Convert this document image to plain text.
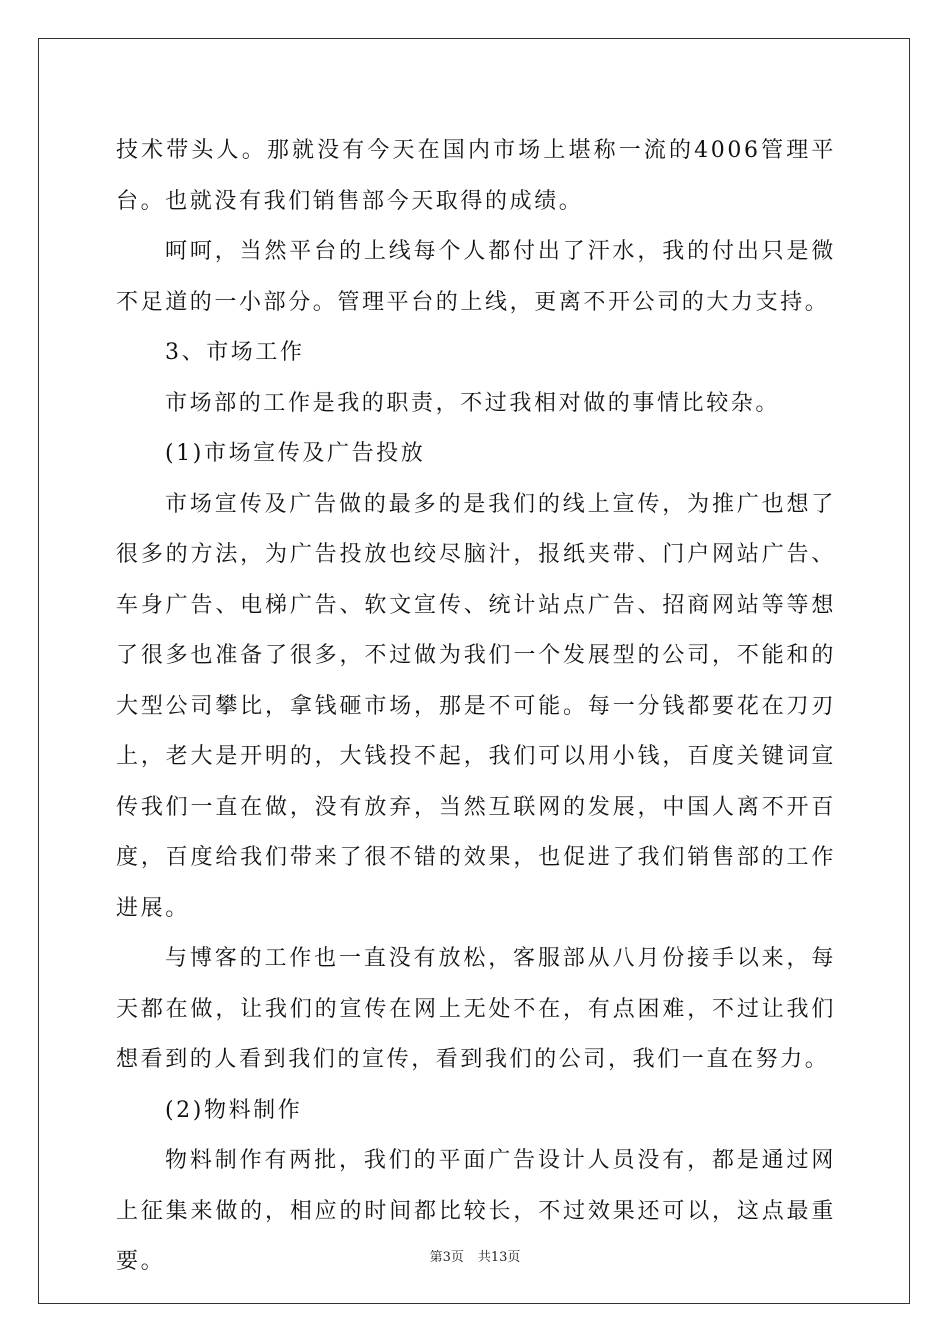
技术带头人。那就没有今天在国内市场上堪称一流的4006管理平台。也就没有我们销售部今天取得的成绩。

呵呵，当然平台的上线每个人都付出了汗水，我的付出只是微不足道的一小部分。管理平台的上线，更离不开公司的大力支持。

3、市场工作

市场部的工作是我的职责，不过我相对做的事情比较杂。

(1)市场宣传及广告投放

市场宣传及广告做的最多的是我们的线上宣传，为推广也想了很多的方法，为广告投放也绞尽脑汁，报纸夹带、门户网站广告、车身广告、电梯广告、软文宣传、统计站点广告、招商网站等等想了很多也准备了很多，不过做为我们一个发展型的公司，不能和的大型公司攀比，拿钱砸市场，那是不可能。每一分钱都要花在刀刃上，老大是开明的，大钱投不起，我们可以用小钱，百度关键词宣传我们一直在做，没有放弃，当然互联网的发展，中国人离不开百度，百度给我们带来了很不错的效果，也促进了我们销售部的工作进展。

与博客的工作也一直没有放松，客服部从八月份接手以来，每天都在做，让我们的宣传在网上无处不在，有点困难，不过让我们想看到的人看到我们的宣传，看到我们的公司，我们一直在努力。

(2)物料制作

物料制作有两批，我们的平面广告设计人员没有，都是通过网上征集来做的，相应的时间都比较长，不过效果还可以，这点最重要。	第3页 共13页
